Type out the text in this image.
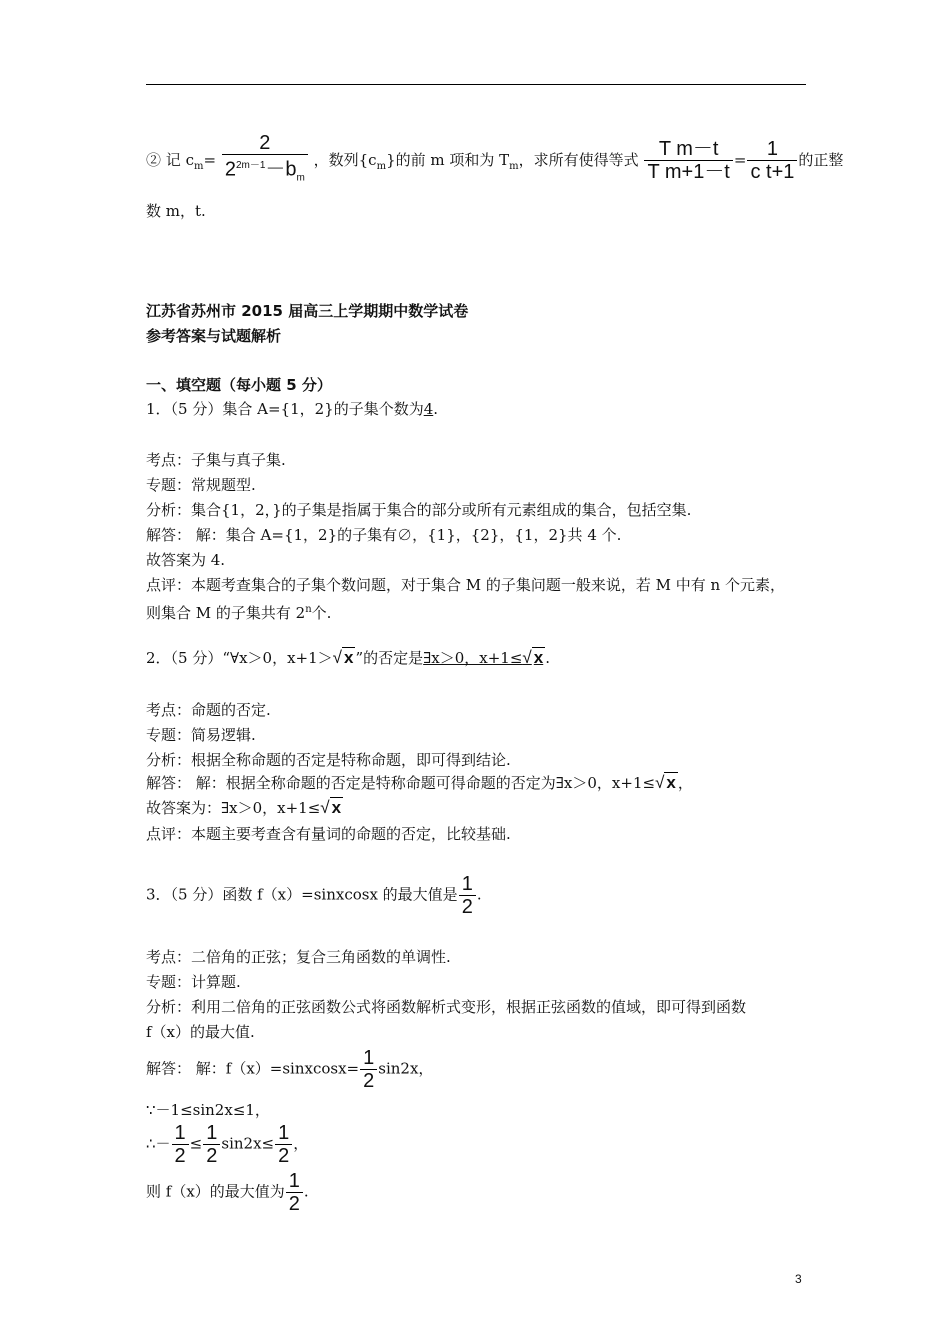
② 记 $c_m= \frac{2}{2^{2m-1}-b_m}$ ，数列$\{c_m\}$的前 m 项和为 $T_m$，求所有使得等式 $\frac{\text{T m－t}}{\text{T m+1－t}} = \frac{1}{\text{c t+1}}$ 的正整
数 m，t.
江苏省苏州市 2015 届高三上学期期中数学试卷
参考答案与试题解析
一、填空题（每小题 5 分）
1．（5 分）集合 A={1，2}的子集个数为4.
考点：子集与真子集.
专题：常规题型.
分析：集合{1，2，}的子集是指属于集合的部分或所有元素组成的集合，包括空集.
解答： 解：集合 A={1，2}的子集有∅，{1}，{2}，{1，2}共 4 个.
故答案为 4.
点评：本题考查集合的子集个数问题，对于集合 M 的子集问题一般来说，若 M 中有 n 个元素，
则集合 M 的子集共有 2$^n$个.
2．（5 分）“∀x＞0，x+1＞√ x ”的否定是∃x＞0，x+1≤√ x .
考点：命题的否定.
专题：简易逻辑.
分析：根据全称命题的否定是特称命题，即可得到结论.
解答： 解：根据全称命题的否定是特称命题可得命题的否定为∃x＞0，x+1≤√ x ，
故答案为：∃x＞0，x+1≤√ x
点评：本题主要考查含有量词的命题的否定，比较基础.
3．（5 分）函数 f（x）=sinxcosx 的最大值是 $\frac{1}{2}$ .
考点：二倍角的正弦；复合三角函数的单调性.
专题：计算题.
分析：利用二倍角的正弦函数公式将函数解析式变形，根据正弦函数的值域，即可得到函数
f（x）的最大值.
解答： 解：f（x）=sinxcosx= $\frac{1}{2} \sin 2x$，
∵－1≤sin2x≤1，
∴－ $\frac{1}{2} \le \frac{1}{2} \sin 2x\le \frac{1}{2}$ ，
则 f（x）的最大值为 $\frac{1}{2}$ .
3
